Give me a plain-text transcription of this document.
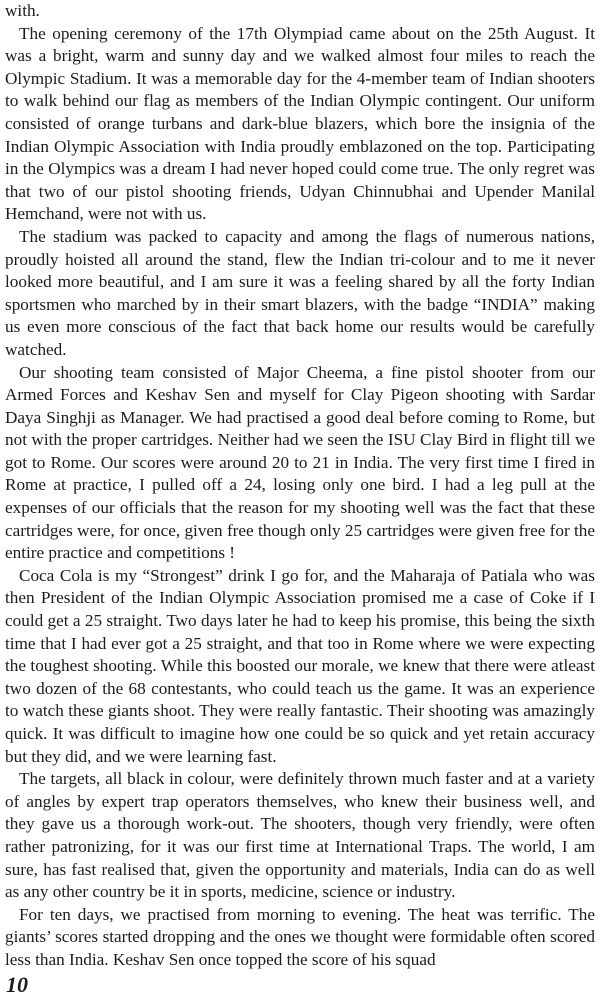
with.

The opening ceremony of the 17th Olympiad came about on the 25th August. It was a bright, warm and sunny day and we walked almost four miles to reach the Olympic Stadium. It was a memorable day for the 4-member team of Indian shooters to walk behind our flag as members of the Indian Olympic contingent. Our uniform consisted of orange turbans and dark-blue blazers, which bore the insignia of the Indian Olympic Association with India proudly emblazoned on the top. Participating in the Olympics was a dream I had never hoped could come true. The only regret was that two of our pistol shooting friends, Udyan Chinnubhai and Upender Manilal Hemchand, were not with us.

The stadium was packed to capacity and among the flags of numerous nations, proudly hoisted all around the stand, flew the Indian tri-colour and to me it never looked more beautiful, and I am sure it was a feeling shared by all the forty Indian sportsmen who marched by in their smart blazers, with the badge “INDIA” making us even more conscious of the fact that back home our results would be carefully watched.

Our shooting team consisted of Major Cheema, a fine pistol shooter from our Armed Forces and Keshav Sen and myself for Clay Pigeon shooting with Sardar Daya Singhji as Manager. We had practised a good deal before coming to Rome, but not with the proper cartridges. Neither had we seen the ISU Clay Bird in flight till we got to Rome. Our scores were around 20 to 21 in India. The very first time I fired in Rome at practice, I pulled off a 24, losing only one bird. I had a leg pull at the expenses of our officials that the reason for my shooting well was the fact that these cartridges were, for once, given free though only 25 cartridges were given free for the entire practice and competitions !

Coca Cola is my “Strongest” drink I go for, and the Maharaja of Patiala who was then President of the Indian Olympic Association promised me a case of Coke if I could get a 25 straight. Two days later he had to keep his promise, this being the sixth time that I had ever got a 25 straight, and that too in Rome where we were expecting the toughest shooting. While this boosted our morale, we knew that there were atleast two dozen of the 68 contestants, who could teach us the game. It was an experience to watch these giants shoot. They were really fantastic. Their shooting was amazingly quick. It was difficult to imagine how one could be so quick and yet retain accuracy but they did, and we were learning fast.

The targets, all black in colour, were definitely thrown much faster and at a variety of angles by expert trap operators themselves, who knew their business well, and they gave us a thorough work-out. The shooters, though very friendly, were often rather patronizing, for it was our first time at International Traps. The world, I am sure, has fast realised that, given the opportunity and materials, India can do as well as any other country be it in sports, medicine, science or industry.

For ten days, we practised from morning to evening. The heat was terrific. The giants’ scores started dropping and the ones we thought were formidable often scored less than India. Keshav Sen once topped the score of his squad

10
